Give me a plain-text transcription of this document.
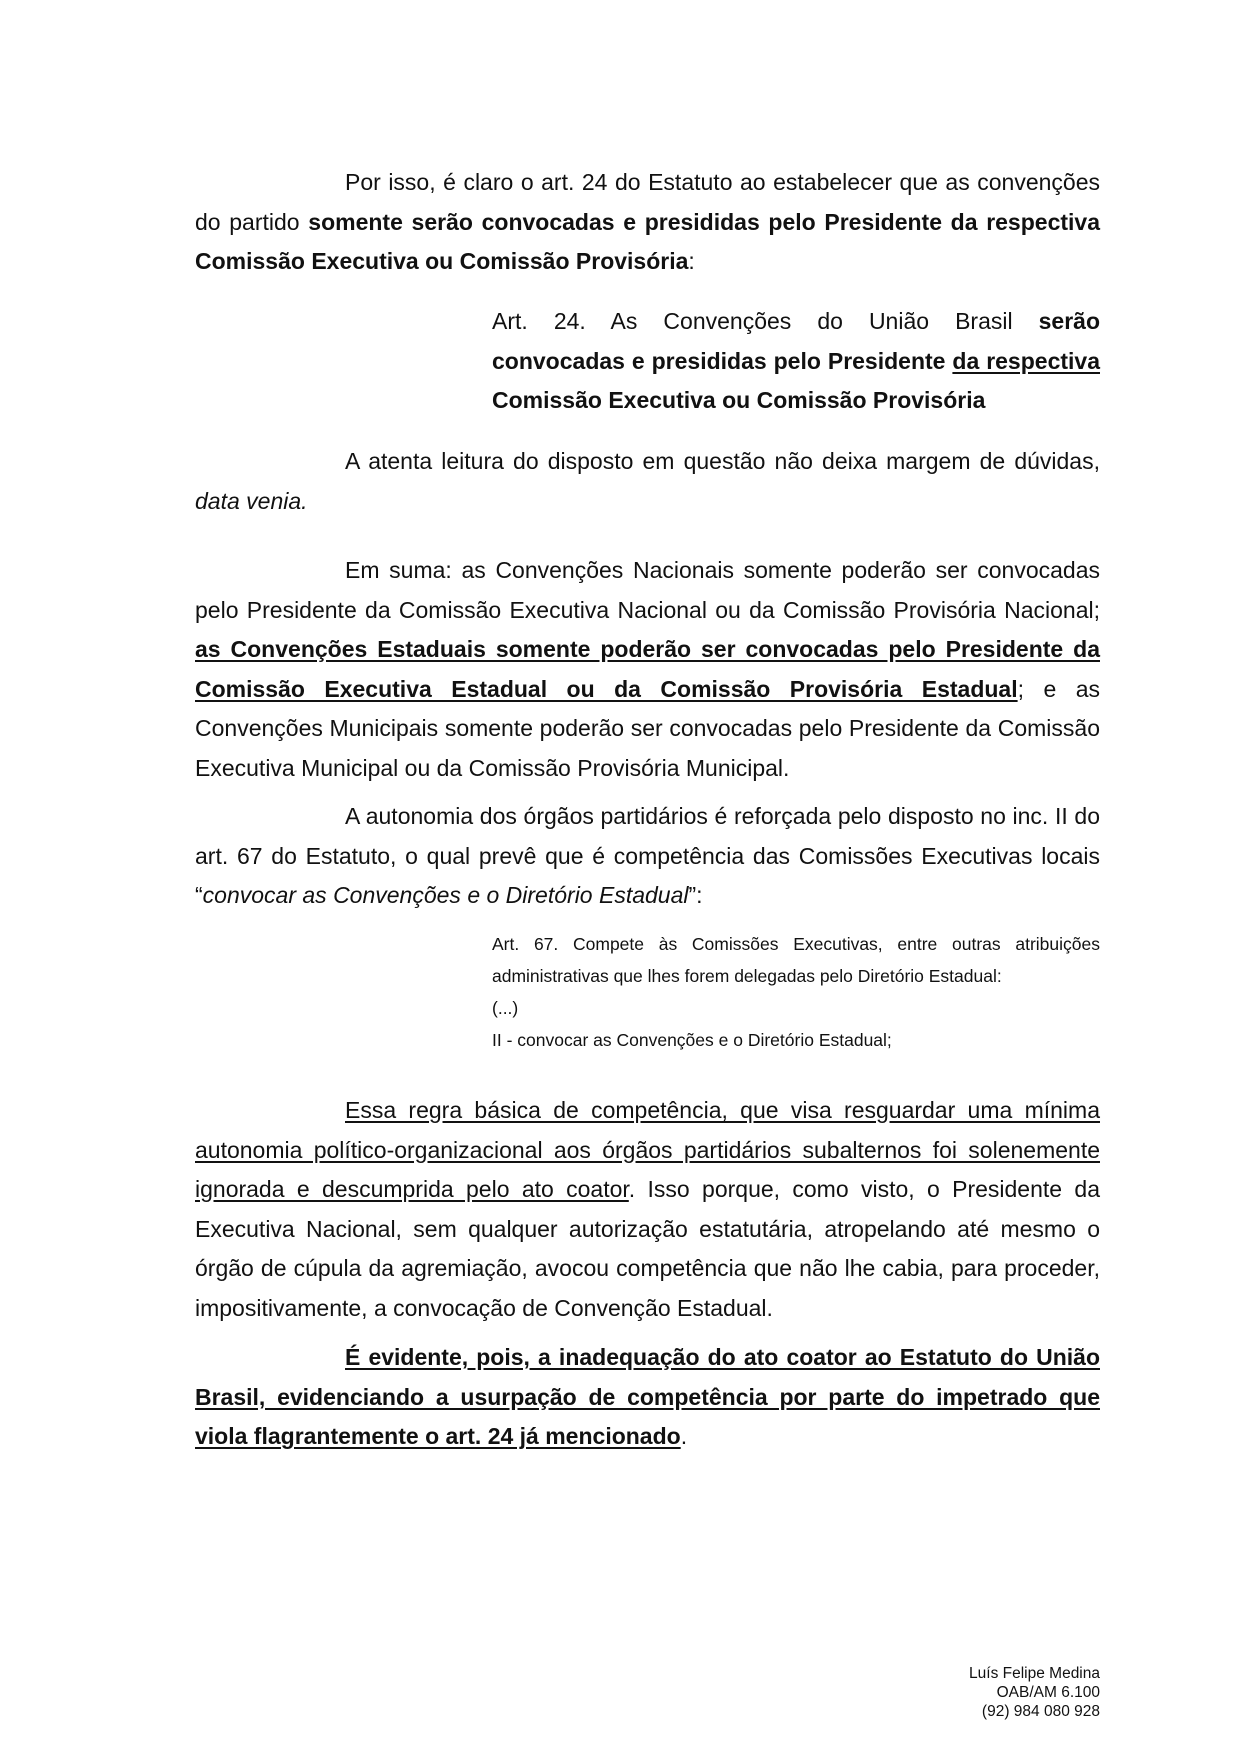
Por isso, é claro o art. 24 do Estatuto ao estabelecer que as convenções do partido somente serão convocadas e presididas pelo Presidente da respectiva Comissão Executiva ou Comissão Provisória:

Art. 24. As Convenções do União Brasil serão convocadas e presididas pelo Presidente da respectiva Comissão Executiva ou Comissão Provisória

A atenta leitura do disposto em questão não deixa margem de dúvidas, data venia.

Em suma: as Convenções Nacionais somente poderão ser convocadas pelo Presidente da Comissão Executiva Nacional ou da Comissão Provisória Nacional; as Convenções Estaduais somente poderão ser convocadas pelo Presidente da Comissão Executiva Estadual ou da Comissão Provisória Estadual; e as Convenções Municipais somente poderão ser convocadas pelo Presidente da Comissão Executiva Municipal ou da Comissão Provisória Municipal.

A autonomia dos órgãos partidários é reforçada pelo disposto no inc. II do art. 67 do Estatuto, o qual prevê que é competência das Comissões Executivas locais “convocar as Convenções e o Diretório Estadual”:

Art. 67. Compete às Comissões Executivas, entre outras atribuições administrativas que lhes forem delegadas pelo Diretório Estadual:
(...)
II - convocar as Convenções e o Diretório Estadual;

Essa regra básica de competência, que visa resguardar uma mínima autonomia político-organizacional aos órgãos partidários subalternos foi solenemente ignorada e descumprida pelo ato coator. Isso porque, como visto, o Presidente da Executiva Nacional, sem qualquer autorização estatutária, atropelando até mesmo o órgão de cúpula da agremiação, avocou competência que não lhe cabia, para proceder, impositivamente, a convocação de Convenção Estadual.

É evidente, pois, a inadequação do ato coator ao Estatuto do União Brasil, evidenciando a usurpação de competência por parte do impetrado que viola flagrantemente o art. 24 já mencionado.

Luís Felipe Medina
OAB/AM 6.100
(92) 984 080 928
